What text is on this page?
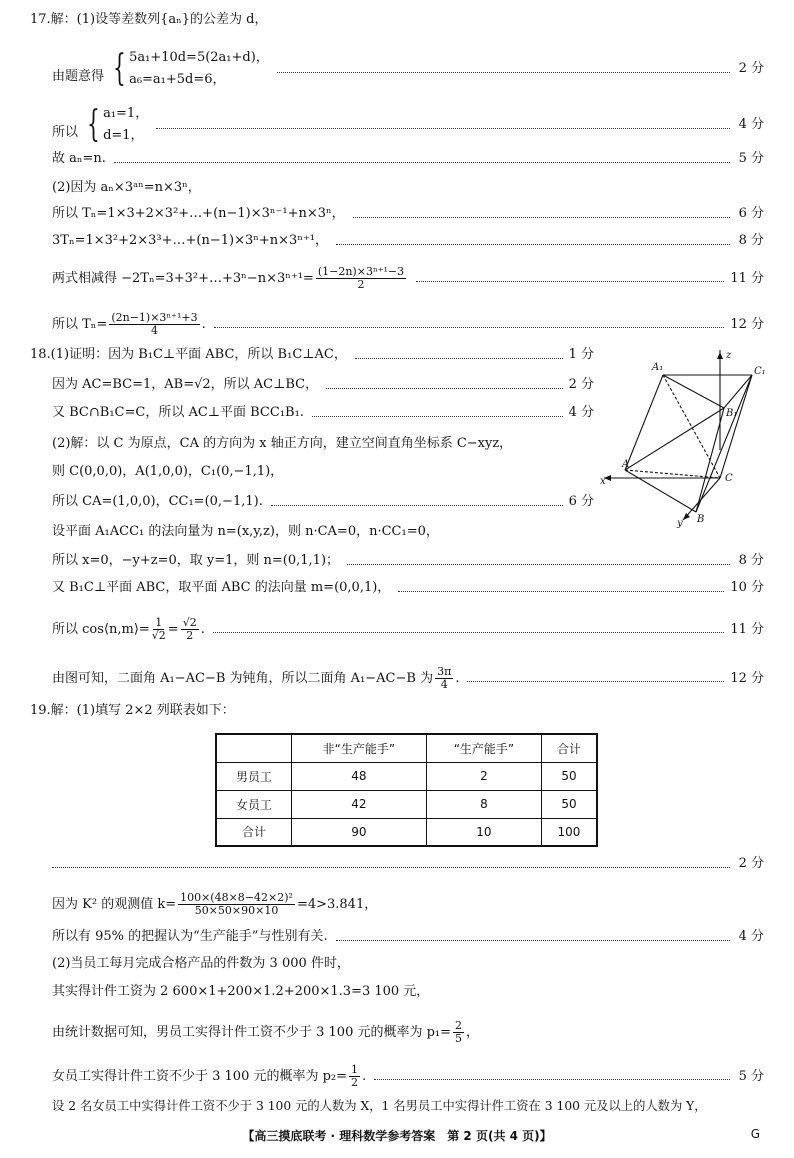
17.解：(1)设等差数列{aₙ}的公差为 d，
由题意得 { 5a₁+10d=5(2a₁+d)，
a₆=a₁+5d=6，
2 分
所以 { a₁=1，
d=1，
4 分
故 aₙ=n.	5 分
(2)因为 aₙ×3ᵃⁿ=n×3ⁿ，
所以 Tₙ=1×3+2×3²+…+(n−1)×3ⁿ⁻¹+n×3ⁿ，	6 分
3Tₙ=1×3²+2×3³+…+(n−1)×3ⁿ+n×3ⁿ⁺¹，	8 分
两式相减得 −2Tₙ=3+3²+…+3ⁿ−n×3ⁿ⁺¹= $\frac{\text{(1−2n)×3ⁿ⁺¹−3}}{2}$	11 分
所以 $T_n= \frac{\text{(2n−1)×3ⁿ⁺¹+3}}{4}$ .	12 分
18.(1)证明：因为 B₁C⊥平面 ABC，所以 B₁C⊥AC，	1 分
因为 AC=BC=1，AB=√2，所以 AC⊥BC，	2 分
又 BC∩B₁C=C，所以 AC⊥平面 BCC₁B₁.	4 分
(2)解：以 C 为原点，CA 的方向为 x 轴正方向，建立空间直角坐标系 C−xyz，
则 C(0,0,0)，A(1,0,0)，C₁(0,−1,1)，
所以 CA=(1,0,0)，CC₁=(0,−1,1).	6 分
设平面 A₁ACC₁ 的法向量为 n=(x,y,z)，则 n·CA=0，n·CC₁=0，
所以 x=0，−y+z=0，取 y=1，则 n=(0,1,1)；	8 分
又 B₁C⊥平面 ABC，取平面 ABC 的法向量 m=(0,0,1)，	10 分
所以 cos⟨n,m⟩= $\frac{1}{√2} = \frac{√2}{2}$ .	11 分
由图可知，二面角 A₁−AC−B 为钝角，所以二面角 A₁−AC−B 为 $\frac{3\pi}{4}$ .	12 分
A₁	C₁
B₁
A
C
B
x
y
z
19.解：(1)填写 2×2 列联表如下：
	非“生产能手”	“生产能手”	合计
男员工	48	2	50
女员工	42	8	50
合计	90	10	100
2 分
因为 K² 的观测值 $k= \frac{\text{100×(48×8−42×2)²}}{50\times 50\times 90\times 10} =4>3.841$，
所以有 95% 的把握认为“生产能手”与性别有关.	4 分
(2)当员工每月完成合格产品的件数为 3 000 件时，
其实得计件工资为 2 600×1+200×1.2+200×1.3=3 100 元，
由统计数据可知，男员工实得计件工资不少于 3 100 元的概率为 $p_1= \frac{2}{5}$ ，
女员工实得计件工资不少于 3 100 元的概率为 $p_2= \frac{1}{2}$ .	5 分
设 2 名女员工中实得计件工资不少于 3 100 元的人数为 X，1 名男员工中实得计件工资在 3 100 元及以上的人数为 Y，
【高三摸底联考 · 理科数学参考答案　第 2 页(共 4 页)】	G
